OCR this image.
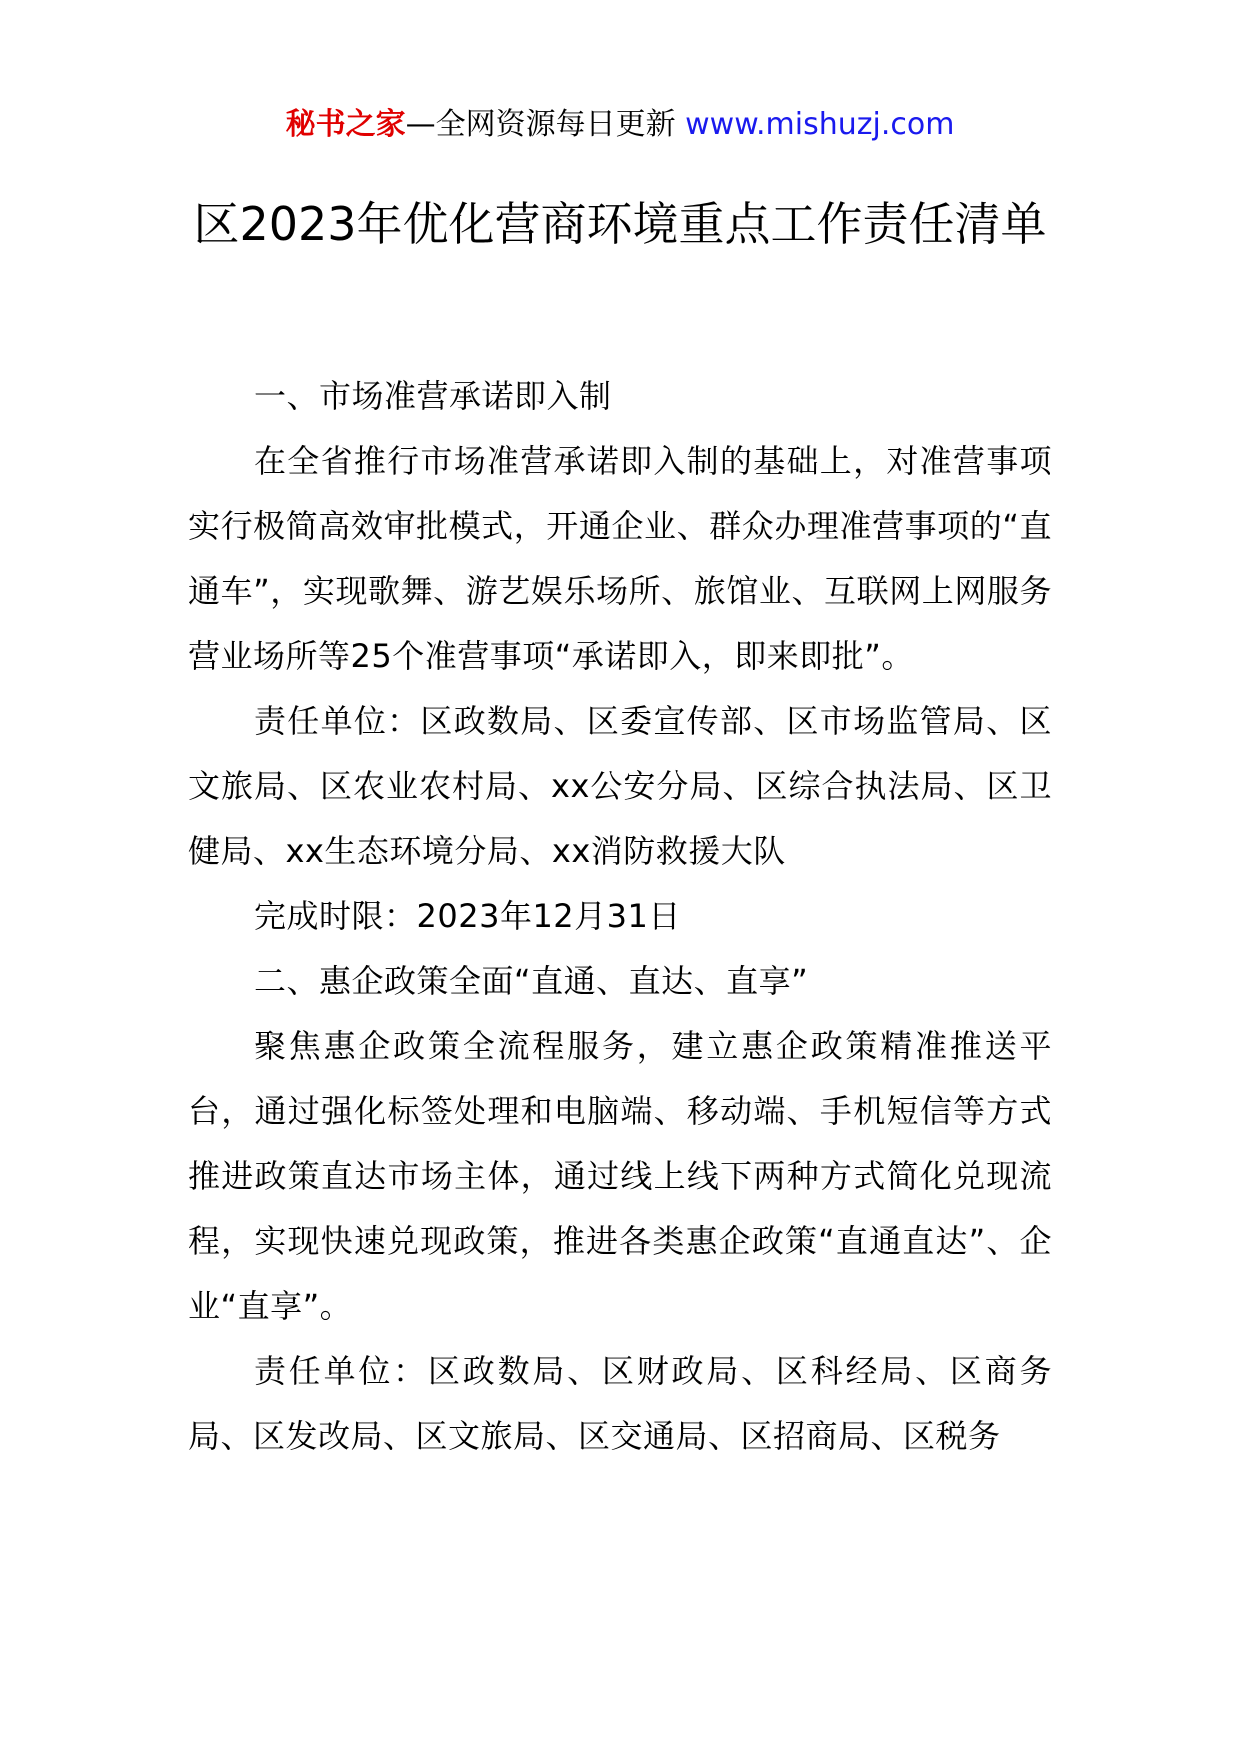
秘书之家—全网资源每日更新 www.mishuzj.com
区2023年优化营商环境重点工作责任清单

一、市场准营承诺即入制

在全省推行市场准营承诺即入制的基础上，对准营事项实行极简高效审批模式，开通企业、群众办理准营事项的“直通车”，实现歌舞、游艺娱乐场所、旅馆业、互联网上网服务营业场所等25个准营事项“承诺即入，即来即批”。

责任单位：区政数局、区委宣传部、区市场监管局、区文旅局、区农业农村局、xx公安分局、区综合执法局、区卫健局、xx生态环境分局、xx消防救援大队

完成时限：2023年12月31日

二、惠企政策全面“直通、直达、直享”

聚焦惠企政策全流程服务，建立惠企政策精准推送平台，通过强化标签处理和电脑端、移动端、手机短信等方式推进政策直达市场主体，通过线上线下两种方式简化兑现流程，实现快速兑现政策，推进各类惠企政策“直通直达”、企业“直享”。

责任单位：区政数局、区财政局、区科经局、区商务局、区发改局、区文旅局、区交通局、区招商局、区税务
